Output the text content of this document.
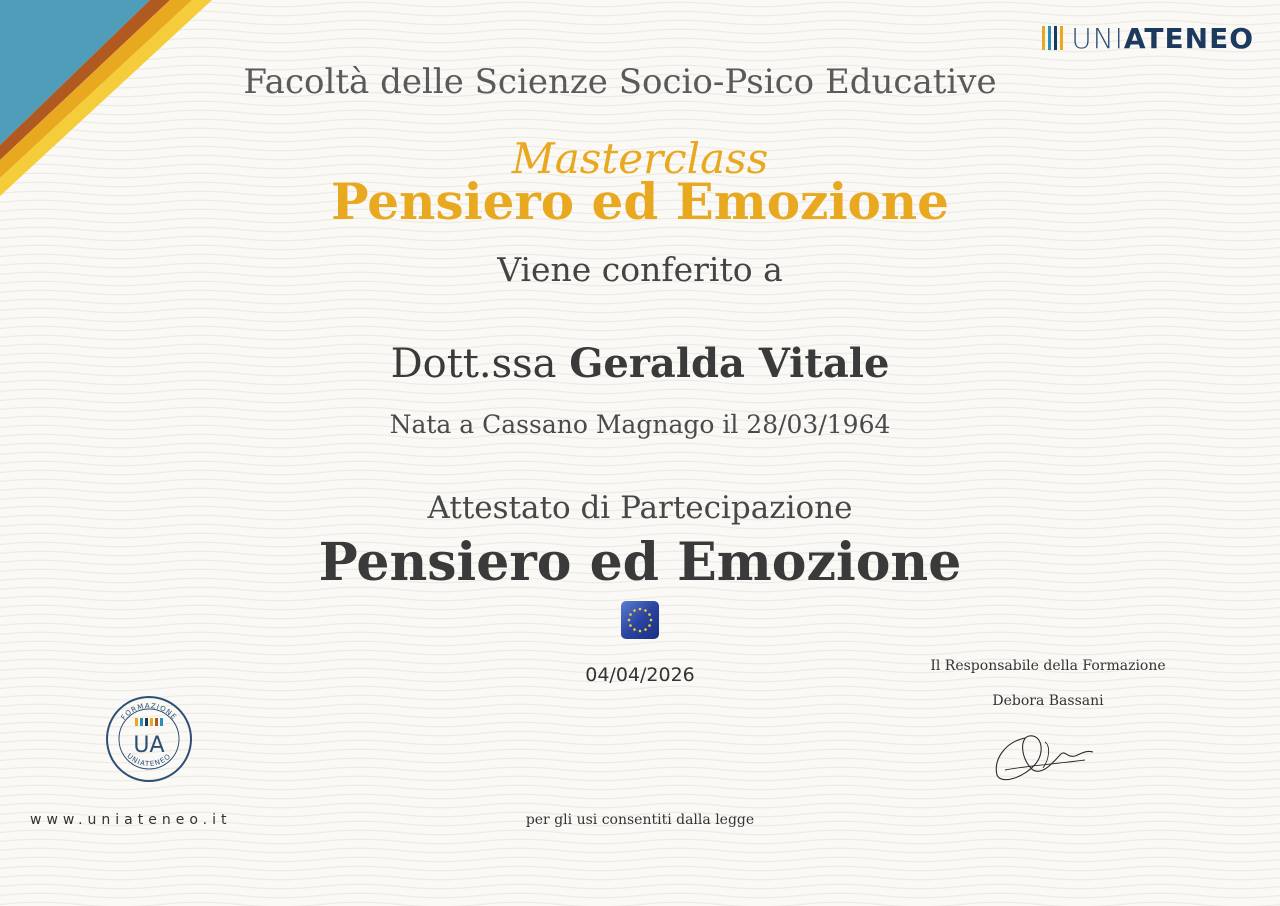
UNIATENEO
Facoltà delle Scienze Socio-Psico Educative
Masterclass
Pensiero ed Emozione
Viene conferito a
Dott.ssa Geralda Vitale
Nata a Cassano Magnago il 28/03/1964
Attestato di Partecipazione
Pensiero ed Emozione
04/04/2026	Il Responsabile della Formazione
Debora Bassani
FORMAZIONE
UNIATENEO
UA
www.uniateneo.it	per gli usi consentiti dalla legge
